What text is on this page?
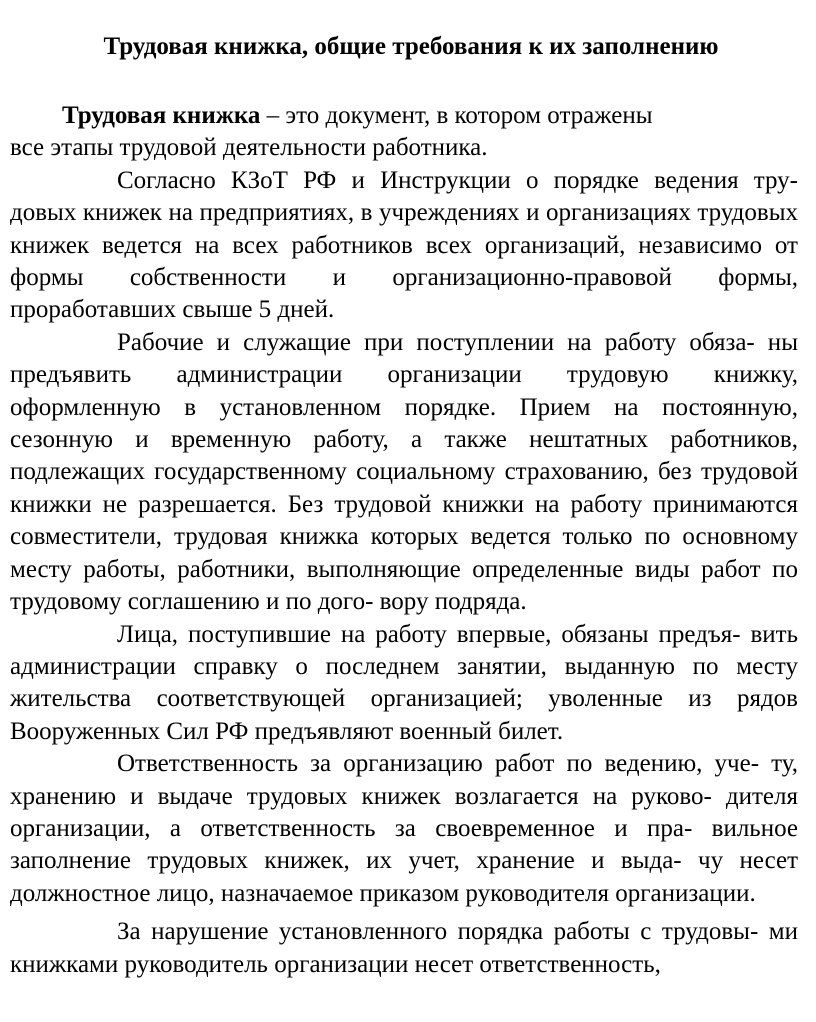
Трудовая книжка, общие требования к их заполнению

Трудовая книжка – это документ, в котором отражены

все этапы трудовой деятельности работника.

Согласно КЗоТ РФ и Инструкции о порядке ведения тру- довых книжек на предприятиях, в учреждениях и организациях трудовых книжек ведется на всех работников всех организаций, независимо от формы собственности и организационно-правовой формы, проработавших свыше 5 дней.

Рабочие и служащие при поступлении на работу обяза- ны предъявить администрации организации трудовую книжку, оформленную в установленном порядке. Прием на постоянную, сезонную и временную работу, а также нештатных работников, подлежащих государственному социальному страхованию, без трудовой книжки не разрешается. Без трудовой книжки на работу принимаются совместители, трудовая книжка которых ведется только по основному месту работы, работники, выполняющие определенные виды работ по трудовому соглашению и по дого- вору подряда.

Лица, поступившие на работу впервые, обязаны предъя- вить администрации справку о последнем занятии, выданную по месту жительства соответствующей организацией; уволенные из рядов Вооруженных Сил РФ предъявляют военный билет.

Ответственность за организацию работ по ведению, уче- ту, хранению и выдаче трудовых книжек возлагается на руково- дителя организации, а ответственность за своевременное и пра- вильное заполнение трудовых книжек, их учет, хранение и выда- чу несет должностное лицо, назначаемое приказом руководителя организации.

За нарушение установленного порядка работы с трудовы- ми книжками руководитель организации несет ответственность,
